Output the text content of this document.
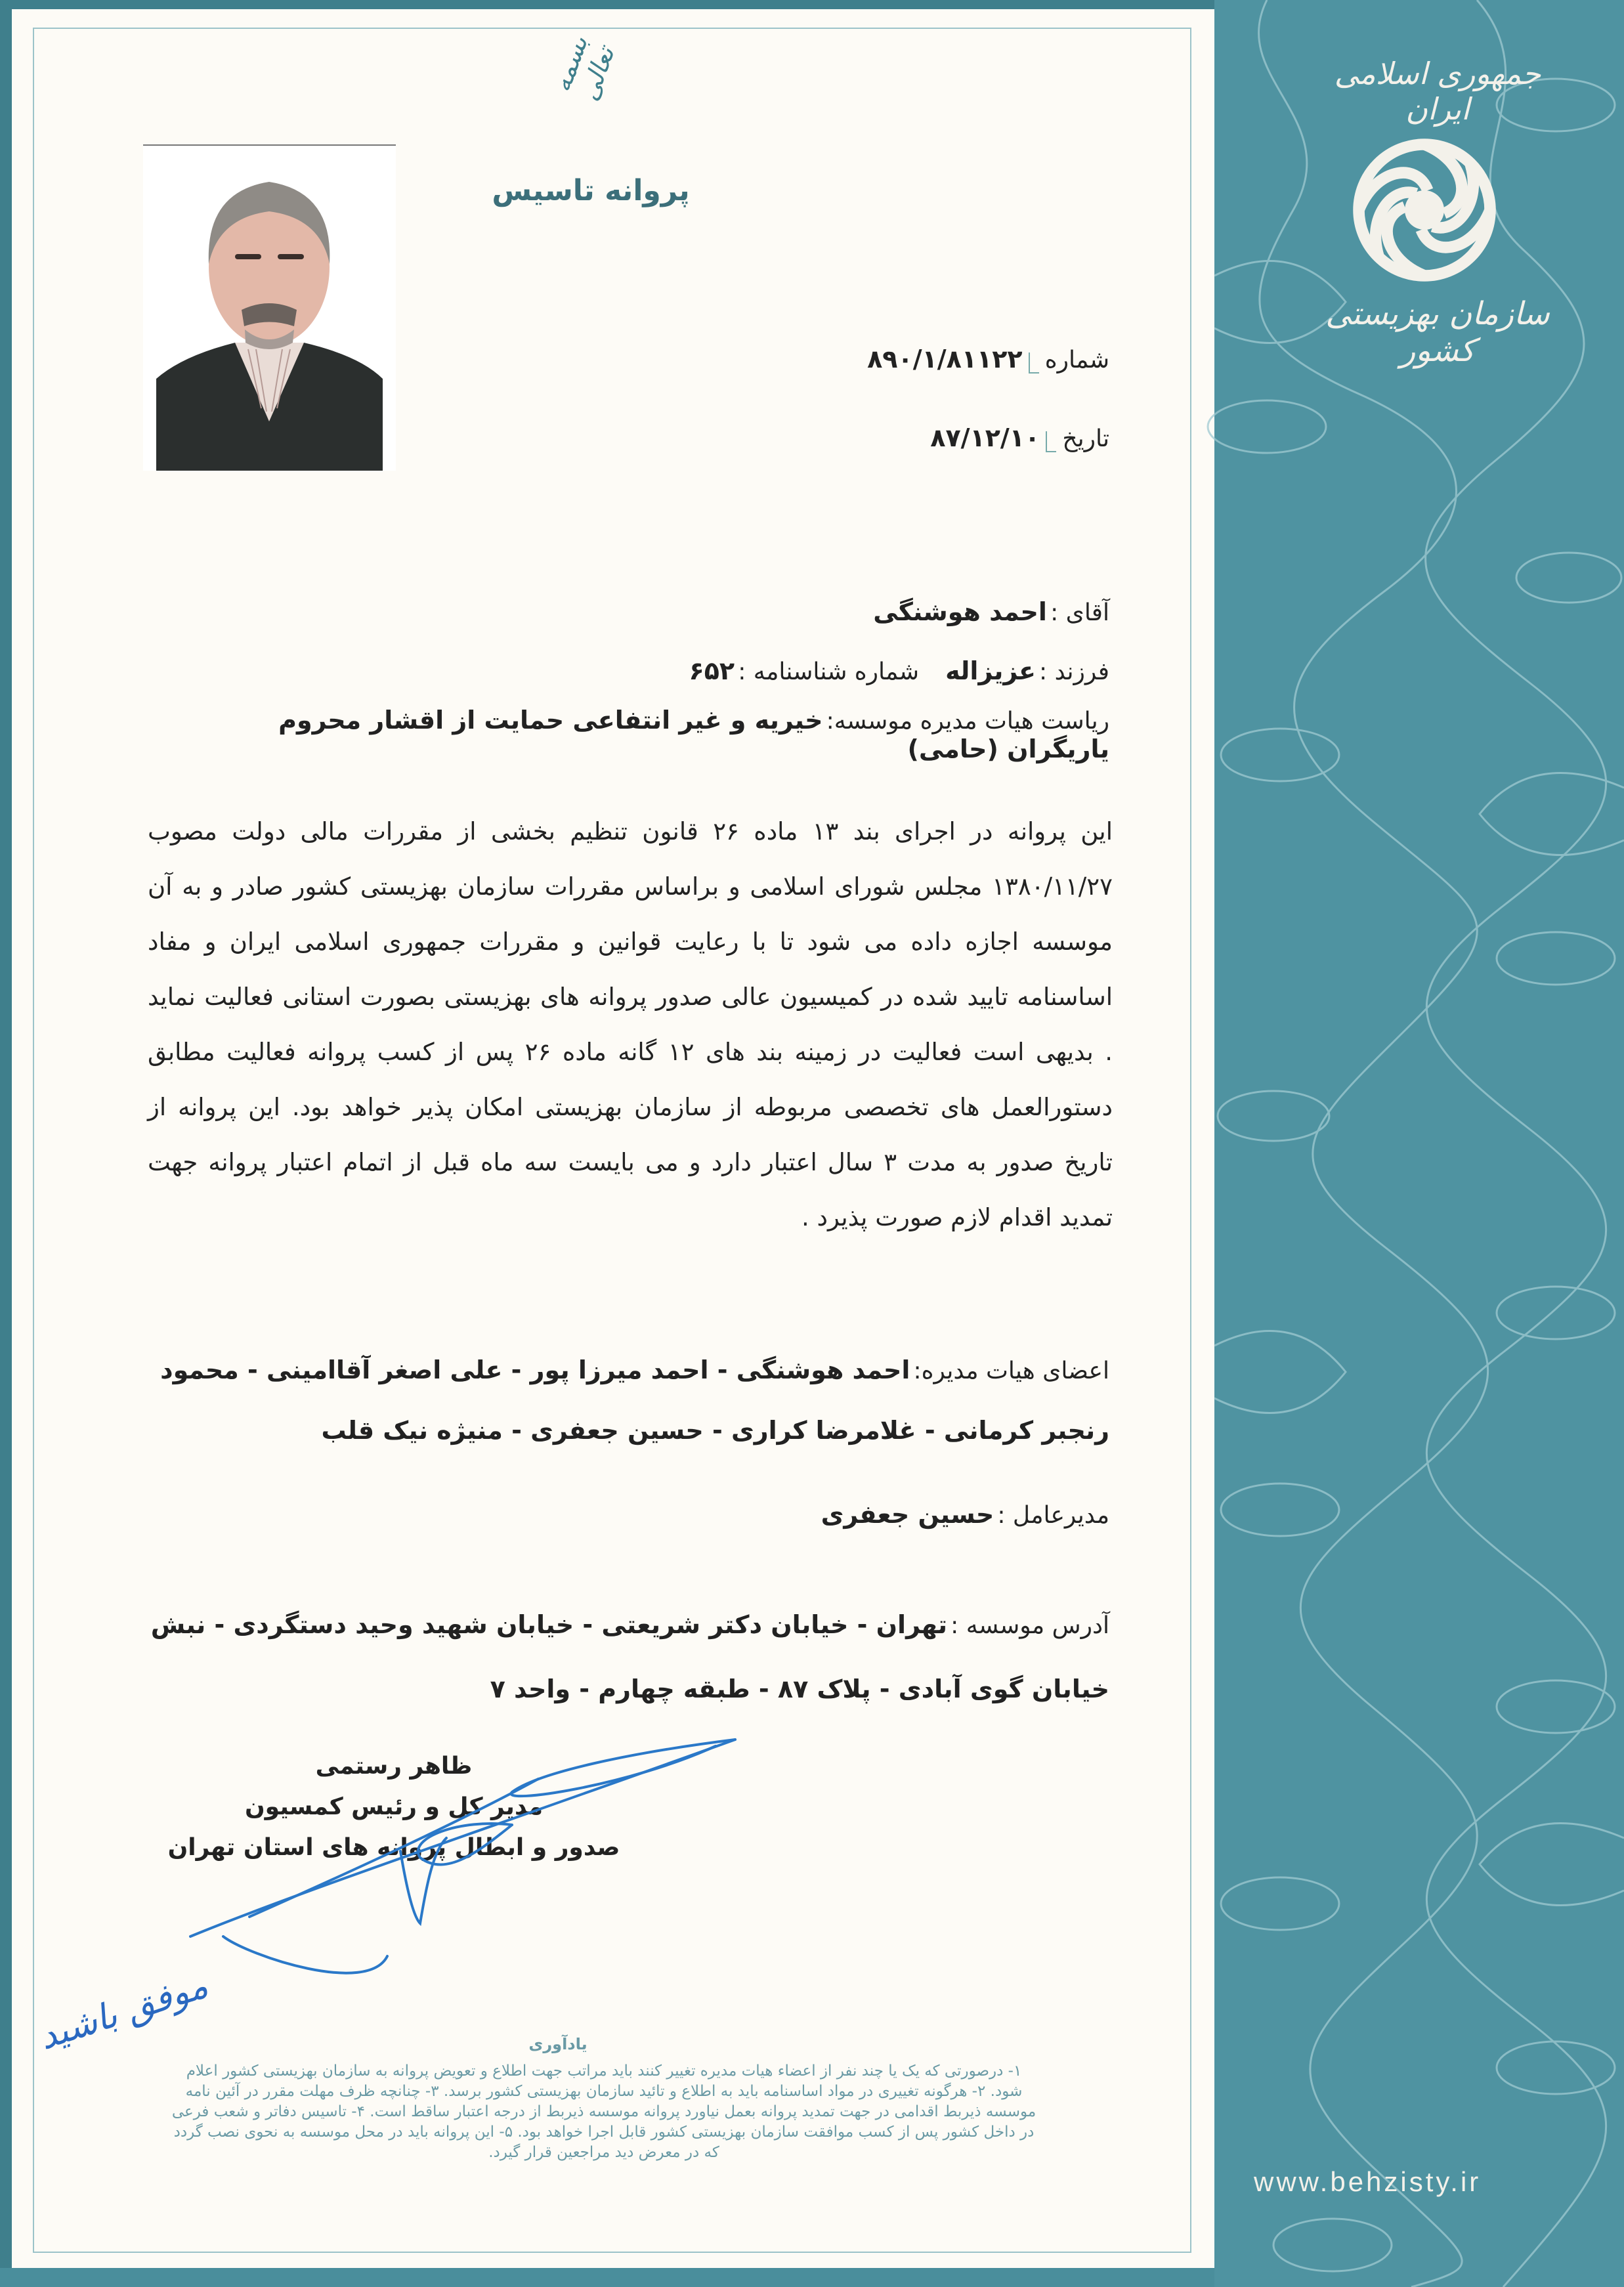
جمهوری اسلامی ایران
سازمان بهزیستی کشور
www.behzisty.ir
بسمه تعالی
پروانه تاسیس
شماره  ۸۹۰/۱/۸۱۱۲۲
تاریخ  ۸۷/۱۲/۱۰
آقای : احمد هوشنگی
فرزند : عزیزاله
شماره شناسنامه : ۶۵۲
ریاست هیات مدیره موسسه: خیریه و غیر انتفاعی حمایت از اقشار محروم یاریگران (حامی)
این پروانه در اجرای بند ۱۳ ماده ۲۶ قانون تنظیم بخشی از مقررات مالی دولت مصوب ۱۳۸۰/۱۱/۲۷ مجلس شورای اسلامی و براساس مقررات سازمان بهزیستی کشور صادر و به آن موسسه اجازه داده می شود تا با رعایت قوانین و مقررات جمهوری اسلامی ایران و مفاد اساسنامه تایید شده در کمیسیون عالی صدور پروانه های بهزیستی بصورت استانی فعالیت نماید . بدیهی است فعالیت در زمینه بند های ۱۲ گانه ماده ۲۶ پس از کسب پروانه فعالیت مطابق دستورالعمل های تخصصی مربوطه از سازمان بهزیستی امکان پذیر خواهد بود. این پروانه از تاریخ صدور به مدت ۳ سال اعتبار دارد و می بایست سه ماه قبل از اتمام اعتبار پروانه جهت تمدید اقدام لازم صورت پذیرد .
اعضای هیات مدیره: احمد هوشنگی - احمد میرزا پور - علی اصغر آقاامینی - محمود رنجبر کرمانی - غلامرضا کراری - حسین جعفری - منیژه نیک قلب
مدیرعامل : حسین جعفری
آدرس موسسه : تهران - خیابان دکتر شریعتی - خیابان شهید وحید دستگردی - نبش خیابان گوی آبادی - پلاک ۸۷ - طبقه چهارم - واحد ۷
ظاهر رستمی
مدیر کل و رئیس کمسیون
صدور و ابطال پروانه های استان تهران
موفق باشید	یادآوری
۱- درصورتی که یک یا چند نفر از اعضاء هیات مدیره تغییر کنند باید مراتب جهت اطلاع و تعویض پروانه به سازمان بهزیستی کشور اعلام شود. ۲- هرگونه تغییری در مواد اساسنامه باید به اطلاع و تائید سازمان بهزیستی کشور برسد. ۳- چنانچه ظرف مهلت مقرر در آئین نامه موسسه ذیربط اقدامی در جهت تمدید پروانه بعمل نیاورد پروانه موسسه ذیربط از درجه اعتبار ساقط است. ۴- تاسیس دفاتر و شعب فرعی در داخل کشور پس از کسب موافقت سازمان بهزیستی کشور قابل اجرا خواهد بود. ۵- این پروانه باید در محل موسسه به نحوی نصب گردد که در معرض دید مراجعین قرار گیرد.
